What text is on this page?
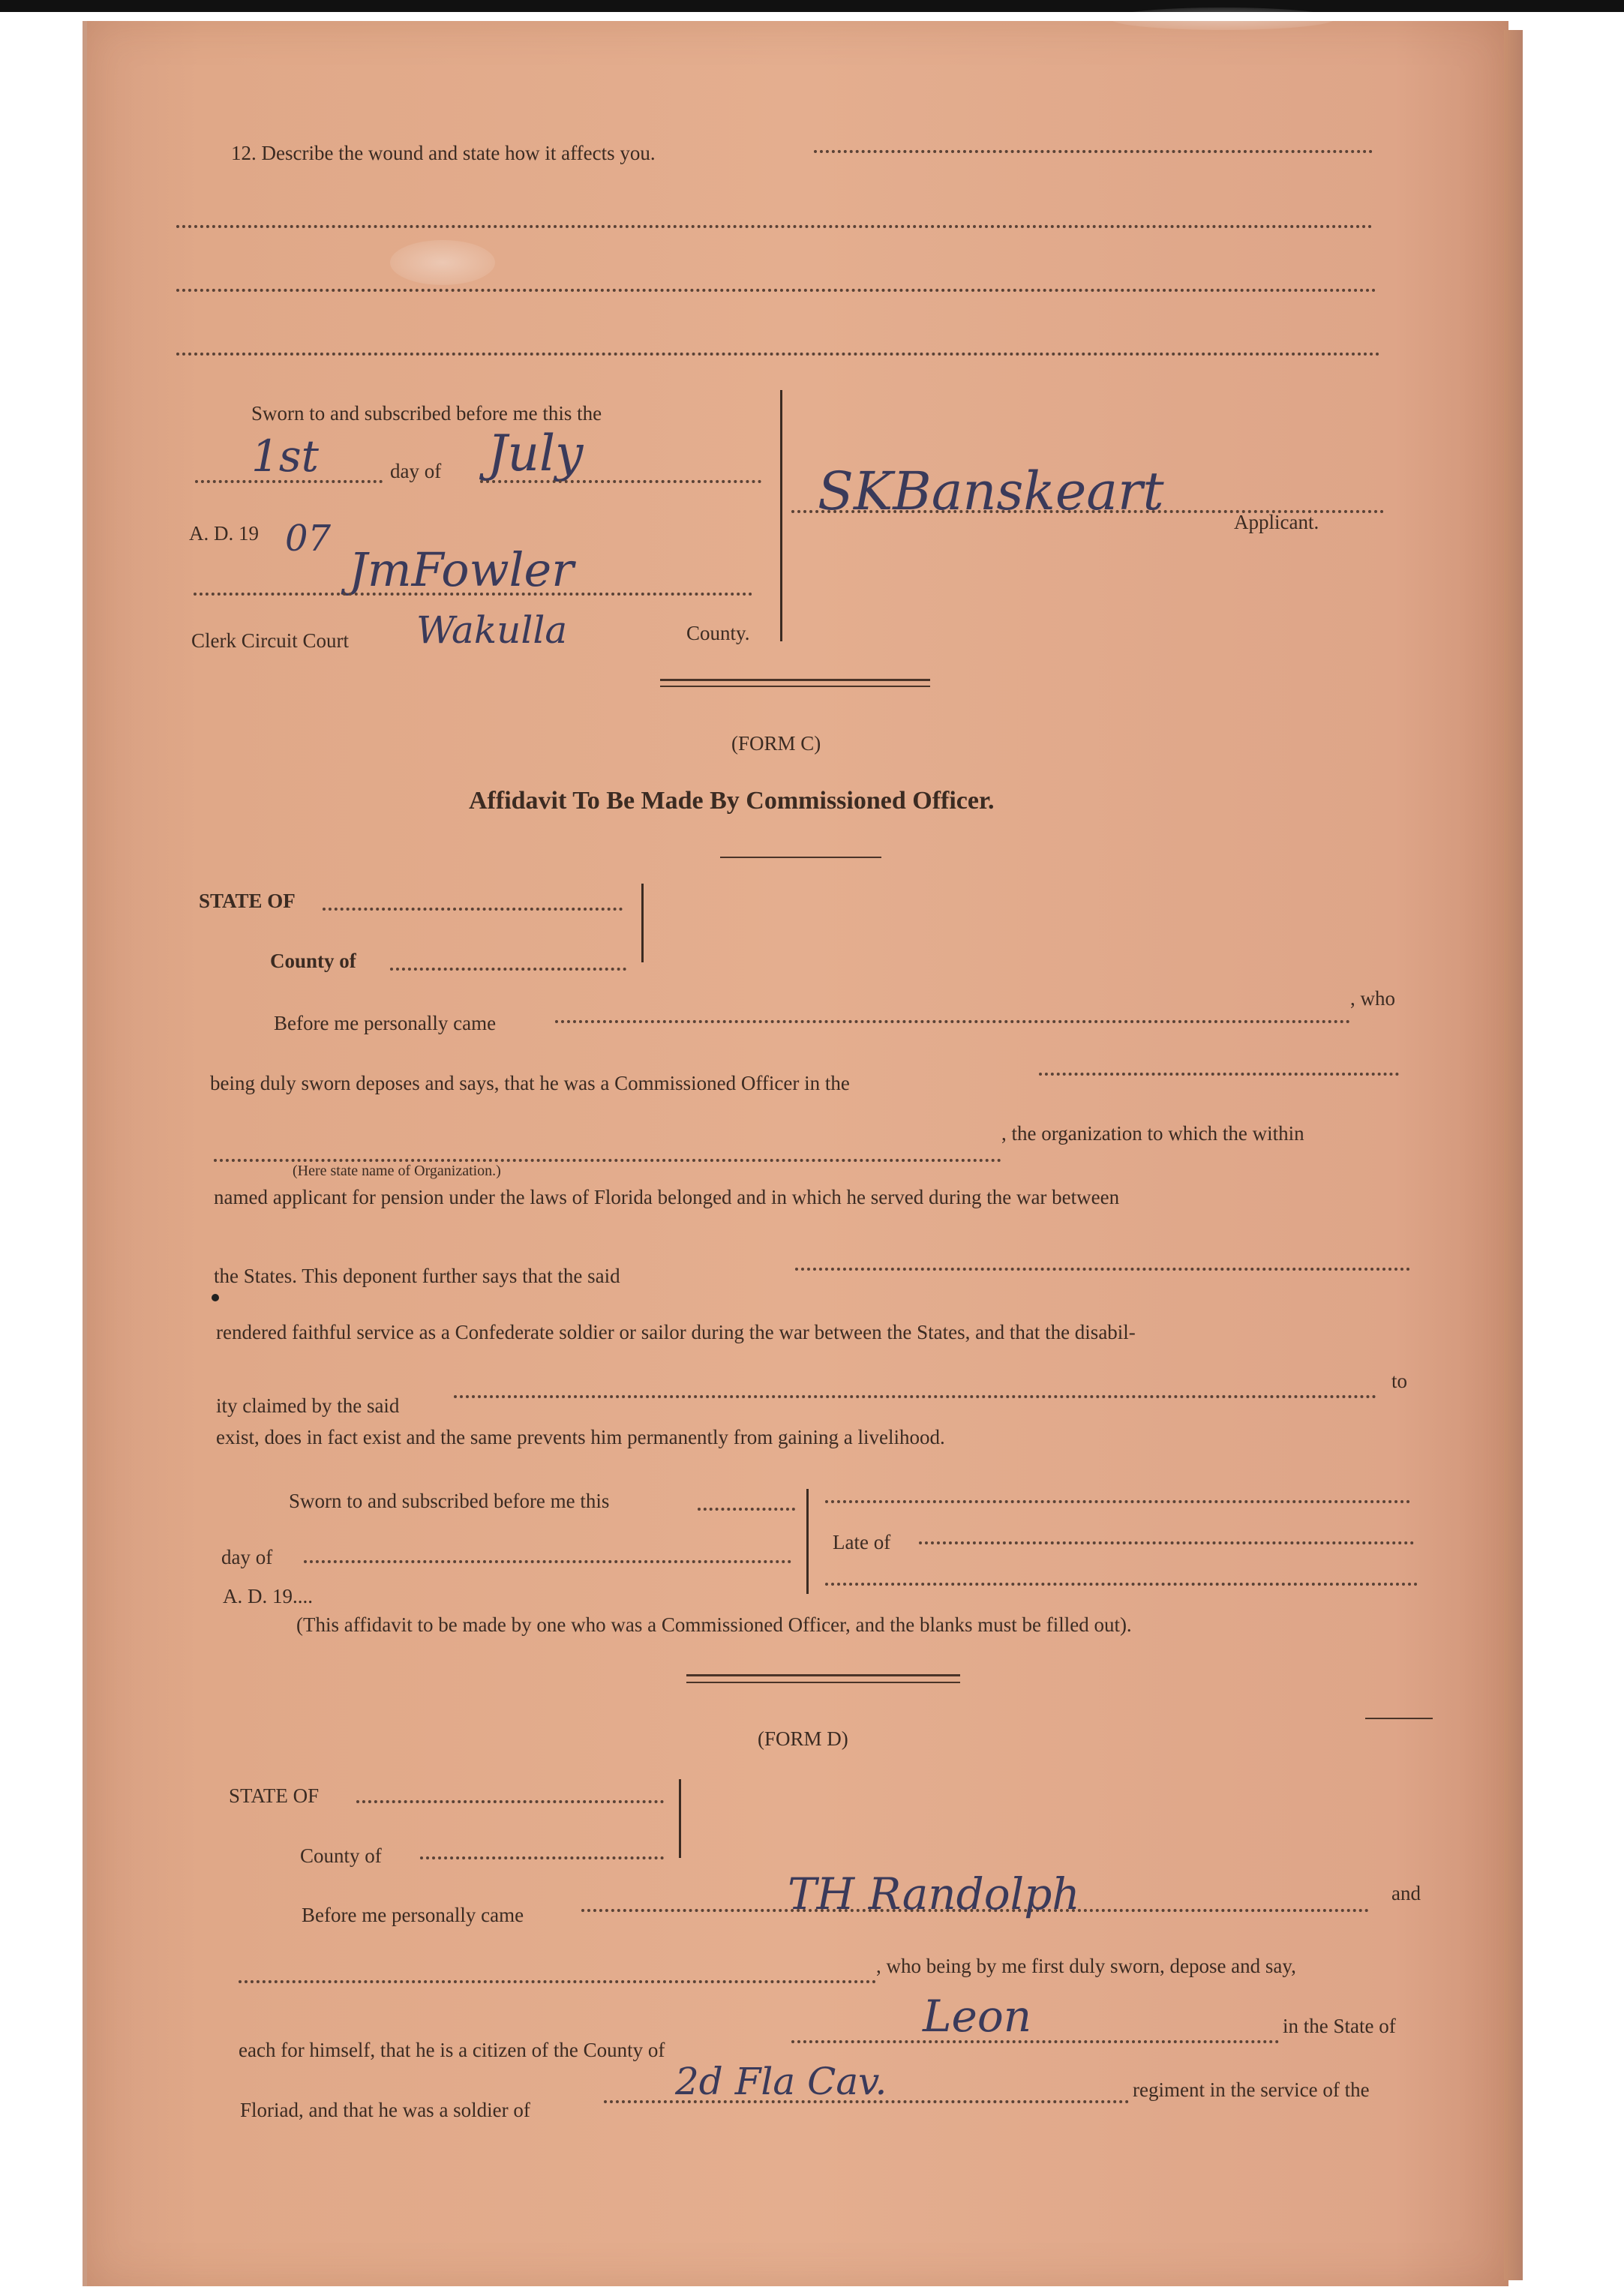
12. Describe the wound and state how it affects you.
Sworn to and subscribed before me this the
1st	day of July
A. D. 19 07
JmFowler
Clerk Circuit Court Wakulla	County.
SKBanskeart	Applicant.
(FORM C)
Affidavit To Be Made By Commissioned Officer.
STATE OF
County of
Before me personally came
, who
being duly sworn deposes and says, that he was a Commissioned Officer in the
, the organization to which the within
(Here state name of Organization.)
named applicant for pension under the laws of Florida belonged and in which he served during the war between
the States. This deponent further says that the said
rendered faithful service as a Confederate soldier or sailor during the war between the States, and that the disabil-
ity claimed by the said
to
exist, does in fact exist and the same prevents him permanently from gaining a livelihood.
Sworn to and subscribed before me this
day of
A. D. 19....
Late of
(This affidavit to be made by one who was a Commissioned Officer, and the blanks must be filled out).
(FORM D)
STATE OF
County of
Before me personally came	TH Randolph	and
, who being by me first duly sworn, depose and say,
each for himself, that he is a citizen of the County of
Leon	in the State of
Floriad, and that he was a soldier of
2d Fla Cav.	regiment in the service of the
